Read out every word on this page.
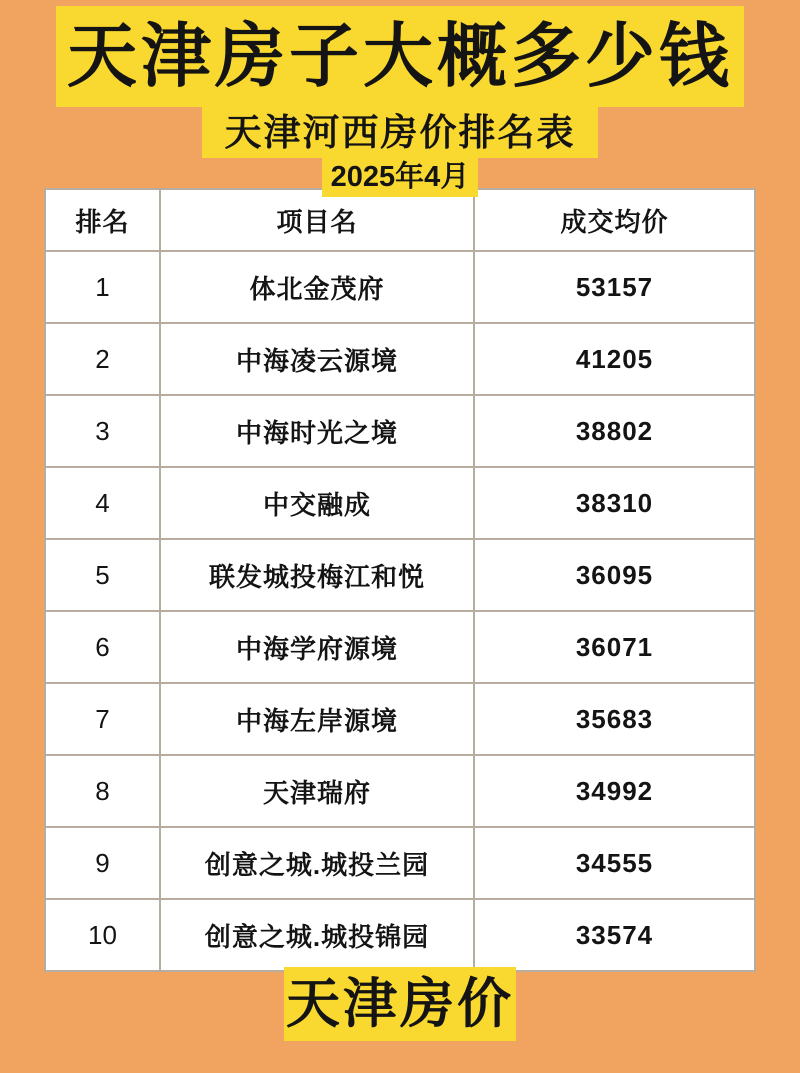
天津房子大概多少钱
天津河西房价排名表
2025年4月
排名	项目名	成交均价
1	体北金茂府	53157
2	中海凌云源境	41205
3	中海时光之境	38802
4	中交融成	38310
5	联发城投梅江和悦	36095
6	中海学府源境	36071
7	中海左岸源境	35683
8	天津瑞府	34992
9	创意之城.城投兰园	34555
10	创意之城.城投锦园	33574
天津房价
